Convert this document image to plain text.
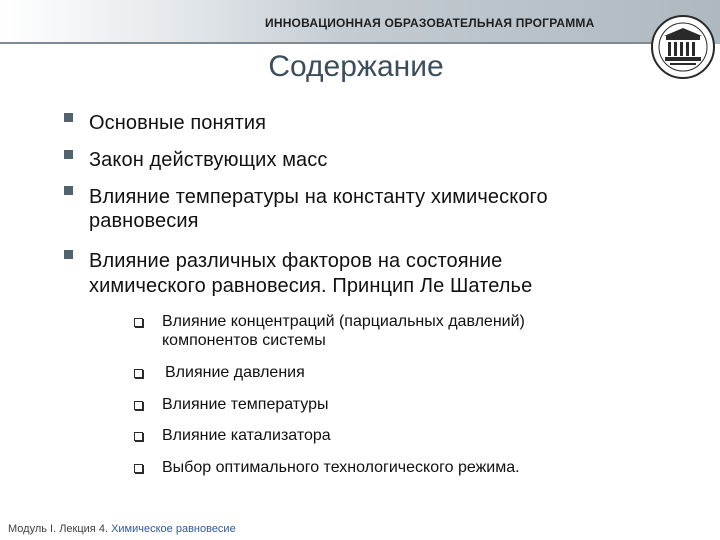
ИННОВАЦИОННАЯ ОБРАЗОВАТЕЛЬНАЯ ПРОГРАММА
Содержание
Основные понятия
Закон действующих масс
Влияние температуры на константу химического
равновесия
Влияние различных факторов на состояние
химического равновесия. Принцип Ле Шателье
Влияние концентраций (парциальных давлений)
компонентов системы
Влияние давления
Влияние температуры
Влияние катализатора
Выбор оптимального технологического режима.
Модуль I. Лекция 4. Химическое равновесие
